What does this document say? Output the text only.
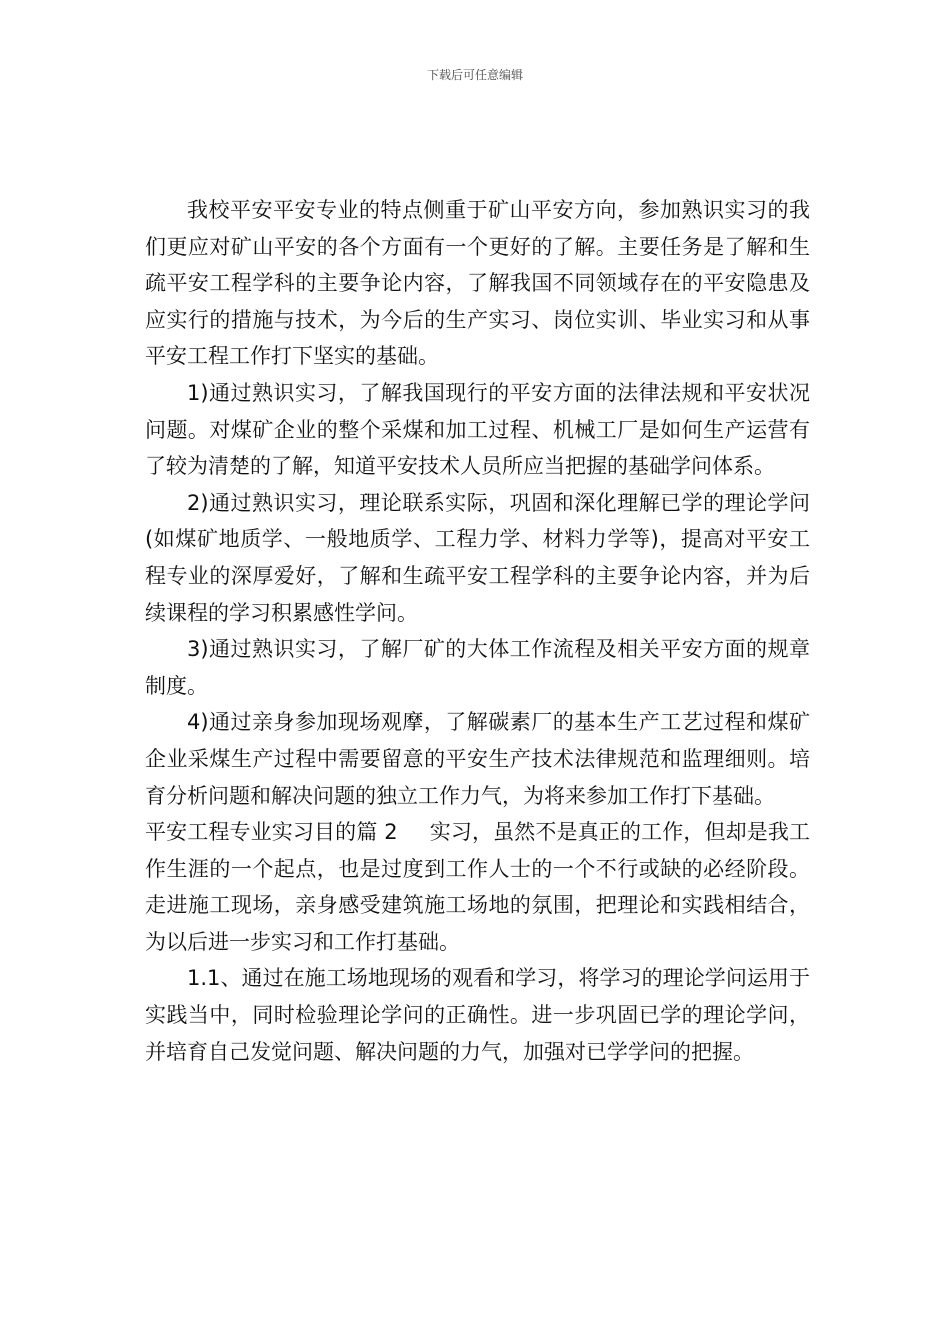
下载后可任意编辑

我校平安平安专业的特点侧重于矿山平安方向，参加熟识实习的我们更应对矿山平安的各个方面有一个更好的了解。主要任务是了解和生疏平安工程学科的主要争论内容，了解我国不同领域存在的平安隐患及应实行的措施与技术，为今后的生产实习、岗位实训、毕业实习和从事平安工程工作打下坚实的基础。

1)通过熟识实习，了解我国现行的平安方面的法律法规和平安状况问题。对煤矿企业的整个采煤和加工过程、机械工厂是如何生产运营有了较为清楚的了解，知道平安技术人员所应当把握的基础学问体系。

2)通过熟识实习，理论联系实际，巩固和深化理解已学的理论学问(如煤矿地质学、一般地质学、工程力学、材料力学等)，提高对平安工程专业的深厚爱好，了解和生疏平安工程学科的主要争论内容，并为后续课程的学习积累感性学问。

3)通过熟识实习，了解厂矿的大体工作流程及相关平安方面的规章制度。

4)通过亲身参加现场观摩，了解碳素厂的基本生产工艺过程和煤矿企业采煤生产过程中需要留意的平安生产技术法律规范和监理细则。培育分析问题和解决问题的独立工作力气，为将来参加工作打下基础。

平安工程专业实习目的篇 2 实习，虽然不是真正的工作，但却是我工作生涯的一个起点，也是过度到工作人士的一个不行或缺的必经阶段。走进施工现场，亲身感受建筑施工场地的氛围，把理论和实践相结合，为以后进一步实习和工作打基础。

1.1、通过在施工场地现场的观看和学习，将学习的理论学问运用于实践当中，同时检验理论学问的正确性。进一步巩固已学的理论学问，并培育自己发觉问题、解决问题的力气，加强对已学学问的把握。
